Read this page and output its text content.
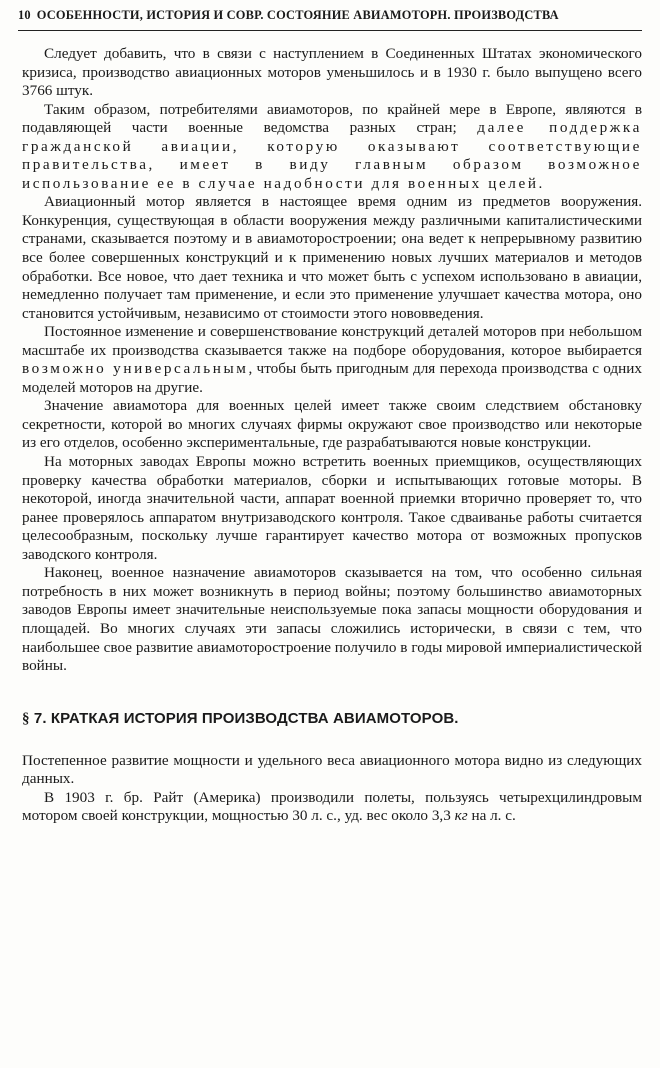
10 ОСОБЕННОСТИ, ИСТОРИЯ И СОВР. СОСТОЯНИЕ АВИАМОТОРН. ПРОИЗВОДСТВА

Следует добавить, что в связи с наступлением в Соединенных Штатах экономического кризиса, производство авиационных моторов уменьшилось и в 1930 г. было выпущено всего 3766 штук.

Таким образом, потребителями авиамоторов, по крайней мере в Европе, являются в подавляющей части военные ведомства разных стран; далее поддержка гражданской авиации, которую оказывают соответствующие правительства, имеет в виду главным образом возможное использование ее в случае надобности для военных целей.

Авиационный мотор является в настоящее время одним из предметов вооружения. Конкуренция, существующая в области вооружения между различными капиталистическими странами, сказывается поэтому и в авиамоторостроении; она ведет к непрерывному развитию все более совершенных конструкций и к применению новых лучших материалов и методов обработки. Все новое, что дает техника и что может быть с успехом использовано в авиации, немедленно получает там применение, и если это применение улучшает качества мотора, оно становится устойчивым, независимо от стоимости этого нововведения.

Постоянное изменение и совершенствование конструкций деталей моторов при небольшом масштабе их производства сказывается также на подборе оборудования, которое выбирается возможно универсальным, чтобы быть пригодным для перехода производства с одних моделей моторов на другие.

Значение авиамотора для военных целей имеет также своим следствием обстановку секретности, которой во многих случаях фирмы окружают свое производство или некоторые из его отделов, особенно экспериментальные, где разрабатываются новые конструкции.

На моторных заводах Европы можно встретить военных приемщиков, осуществляющих проверку качества обработки материалов, сборки и испытывающих готовые моторы. В некоторой, иногда значительной части, аппарат военной приемки вторично проверяет то, что ранее проверялось аппаратом внутризаводского контроля. Такое сдваиванье работы считается целесообразным, поскольку лучше гарантирует качество мотора от возможных пропусков заводского контроля.

Наконец, военное назначение авиамоторов сказывается на том, что особенно сильная потребность в них может возникнуть в период войны; поэтому большинство авиамоторных заводов Европы имеет значительные неиспользуемые пока запасы мощности оборудования и площадей. Во многих случаях эти запасы сложились исторически, в связи с тем, что наибольшее свое развитие авиамоторостроение получило в годы мировой империалистической войны.

§ 7. КРАТКАЯ ИСТОРИЯ ПРОИЗВОДСТВА АВИАМОТОРОВ.

Постепенное развитие мощности и удельного веса авиационного мотора видно из следующих данных.

В 1903 г. бр. Райт (Америка) производили полеты, пользуясь четырехцилиндровым мотором своей конструкции, мощностью 30 л. с., уд. вес около 3,3 кг на л. с.
